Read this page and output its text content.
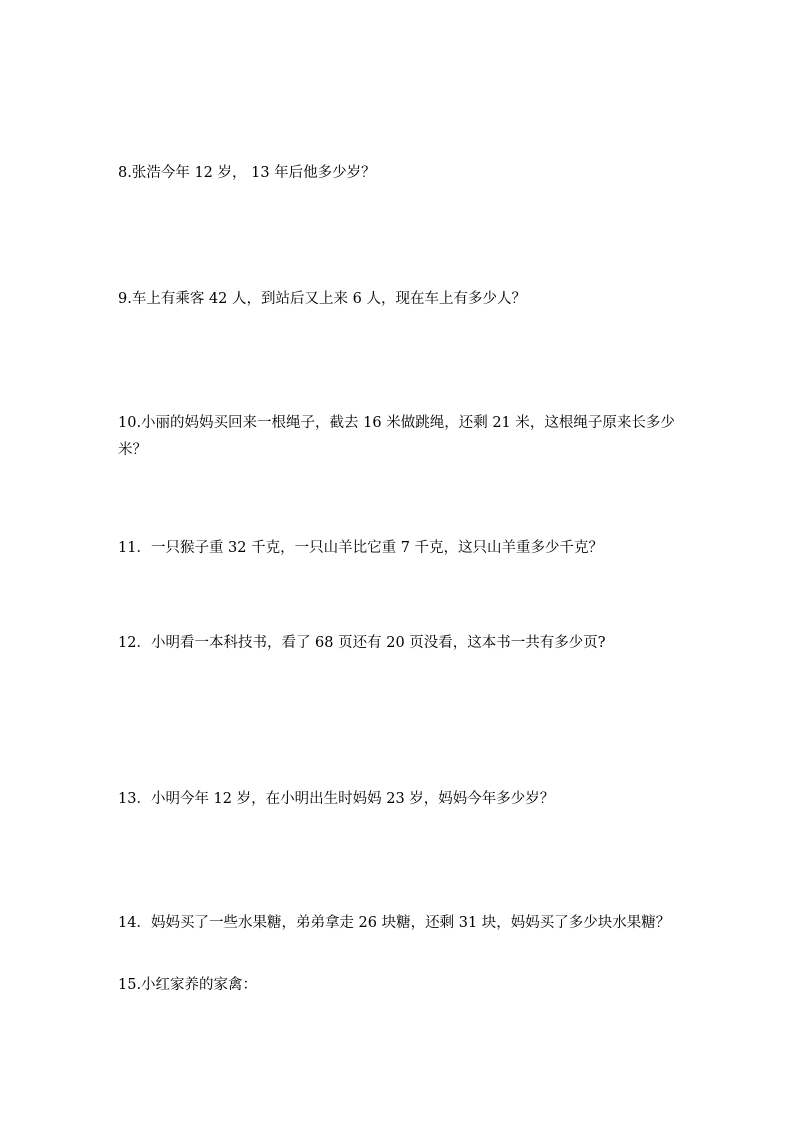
8.张浩今年 12 岁， 13 年后他多少岁？

9.车上有乘客 42 人，到站后又上来 6 人，现在车上有多少人？

10.小丽的妈妈买回来一根绳子，截去 16 米做跳绳，还剩 21 米，这根绳子原来长多少米？

11．一只猴子重 32 千克，一只山羊比它重 7 千克，这只山羊重多少千克？

12．小明看一本科技书，看了 68 页还有 20 页没看，这本书一共有多少页?

13．小明今年 12 岁，在小明出生时妈妈 23 岁，妈妈今年多少岁？

14．妈妈买了一些水果糖，弟弟拿走 26 块糖，还剩 31 块，妈妈买了多少块水果糖？

15.小红家养的家禽：
